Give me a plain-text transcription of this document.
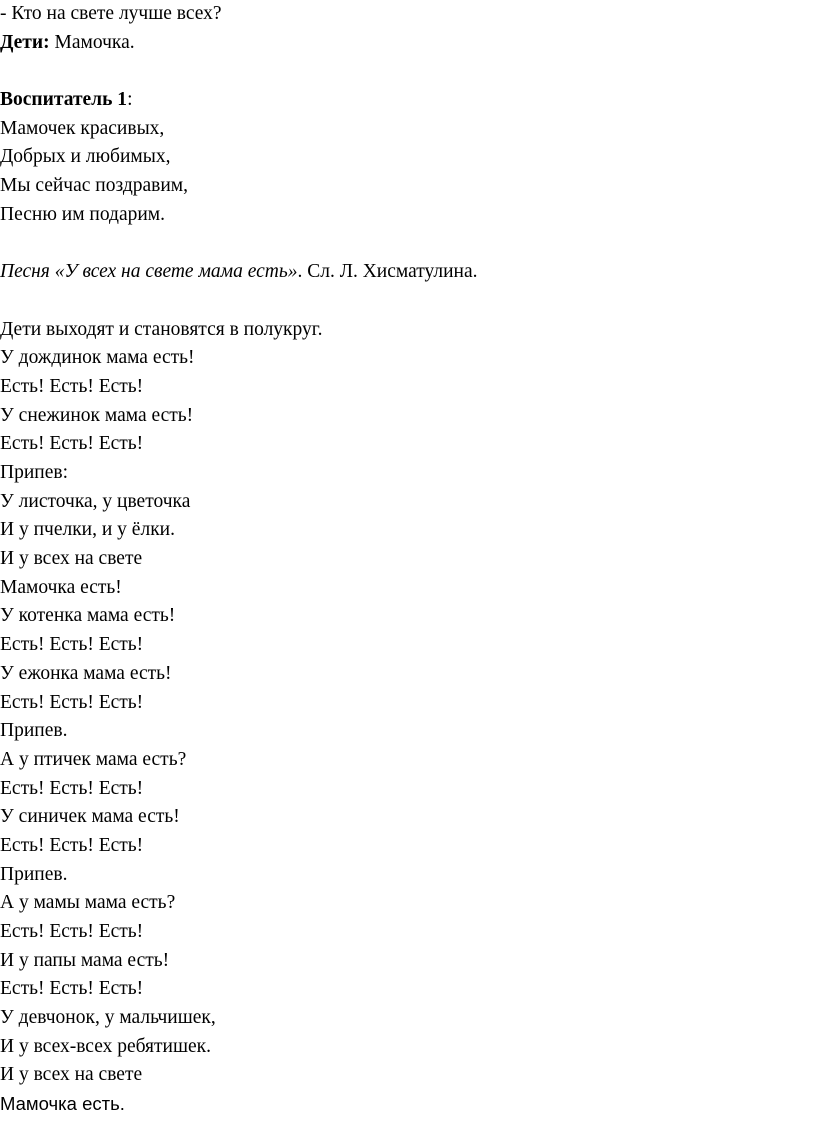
- Кто на свете лучше всех?
Дети: Мамочка.
Воспитатель 1:
Мамочек красивых,
Добрых и любимых,
Мы сейчас поздравим,
Песню им подарим.
Песня «У всех на свете мама есть». Сл. Л. Хисматулина.
Дети выходят и становятся в полукруг.
У дождинок мама есть!
Есть! Есть! Есть!
У снежинок мама есть!
Есть! Есть! Есть!
Припев:
У листочка, у цветочка
И у пчелки, и у ёлки.
И у всех на свете
Мамочка есть!
У котенка мама есть!
Есть! Есть! Есть!
У ежонка мама есть!
Есть! Есть! Есть!
Припев.
А у птичек мама есть?
Есть! Есть! Есть!
У синичек мама есть!
Есть! Есть! Есть!
Припев.
А у мамы мама есть?
Есть! Есть! Есть!
И у папы мама есть!
Есть! Есть! Есть!
У девчонок, у мальчишек,
И у всех-всех ребятишек.
И у всех на свете
Мамочка есть.
